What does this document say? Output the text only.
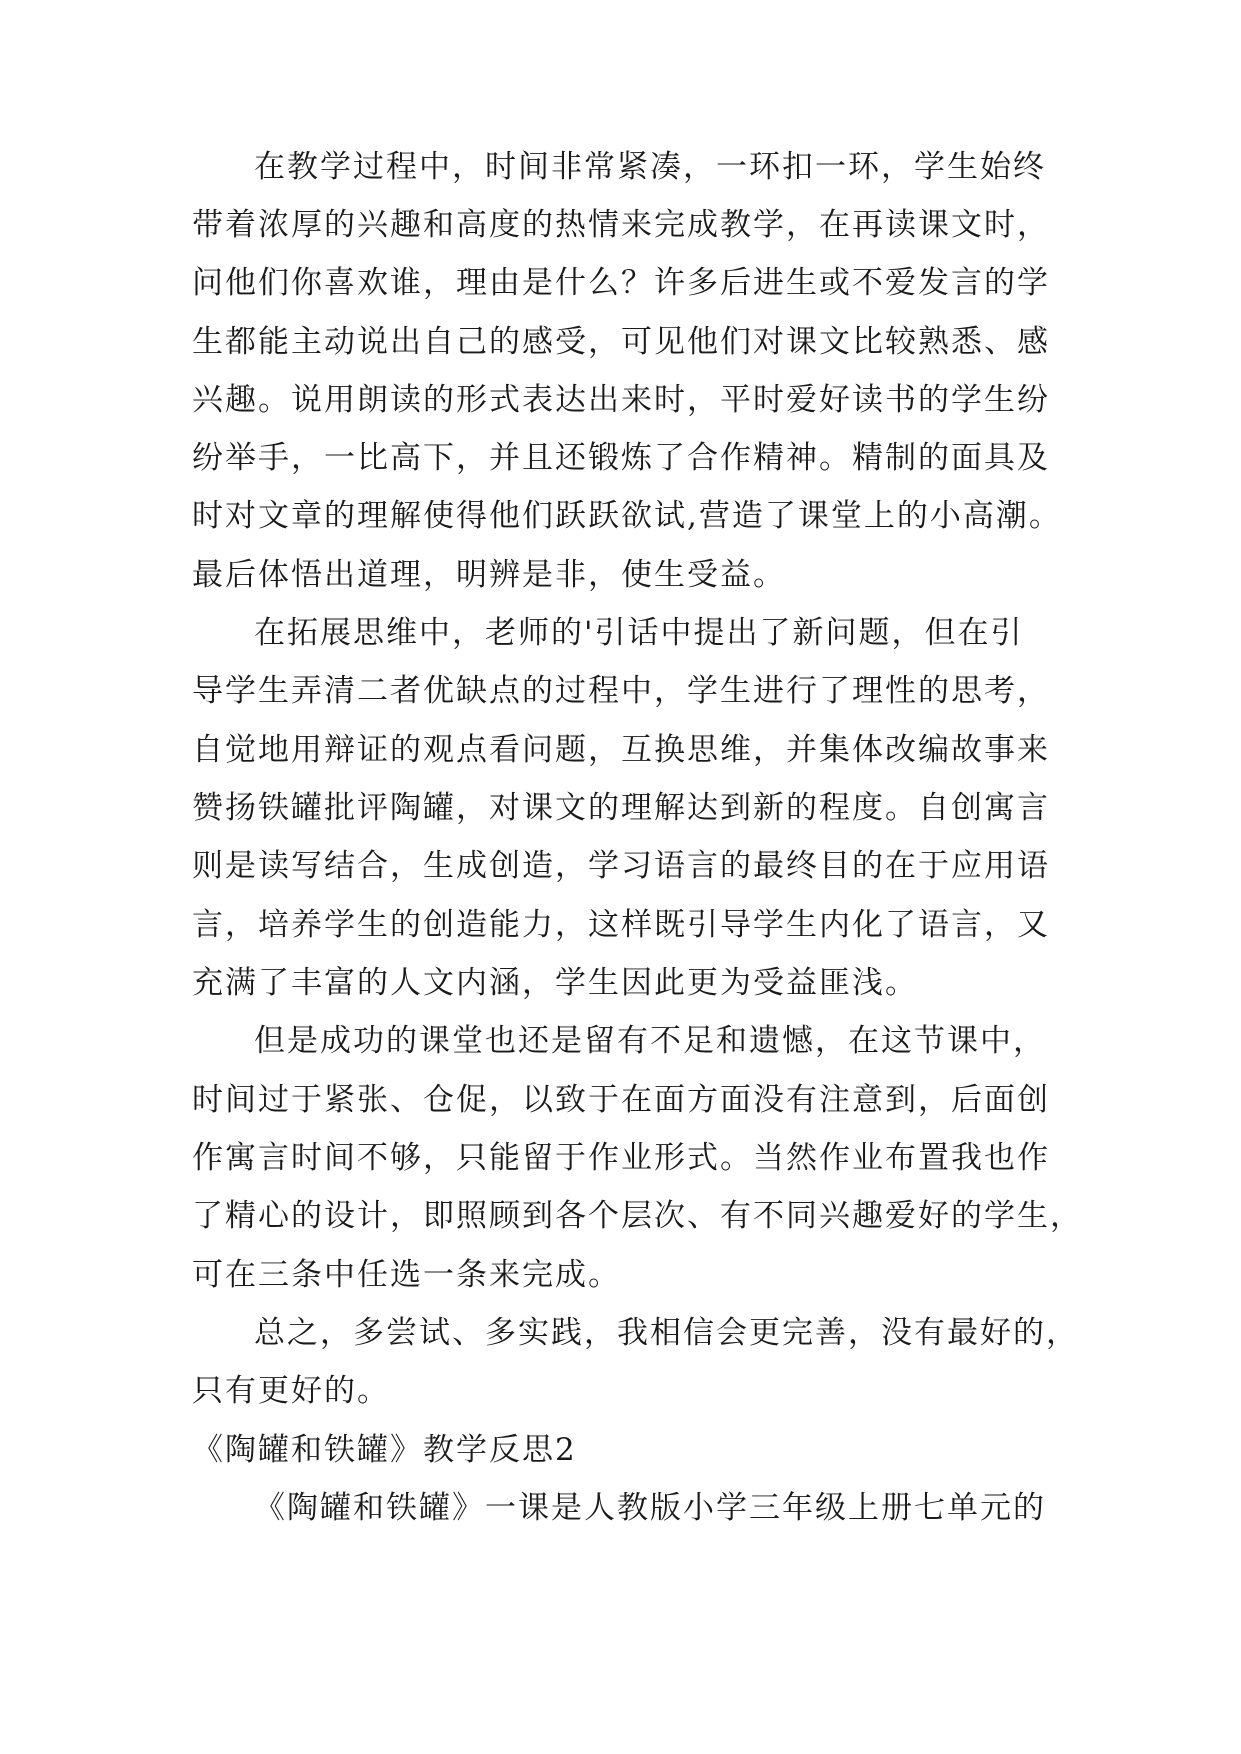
在教学过程中，时间非常紧凑，一环扣一环，学生始终
带着浓厚的兴趣和高度的热情来完成教学，在再读课文时，
问他们你喜欢谁，理由是什么？许多后进生或不爱发言的学
生都能主动说出自己的感受，可见他们对课文比较熟悉、感
兴趣。说用朗读的形式表达出来时，平时爱好读书的学生纷
纷举手，一比高下，并且还锻炼了合作精神。精制的面具及
时对文章的理解使得他们跃跃欲试,营造了课堂上的小高潮。
最后体悟出道理，明辨是非，使生受益。
在拓展思维中，老师的'引话中提出了新问题，但在引
导学生弄清二者优缺点的过程中，学生进行了理性的思考，
自觉地用辩证的观点看问题，互换思维，并集体改编故事来
赞扬铁罐批评陶罐，对课文的理解达到新的程度。自创寓言
则是读写结合，生成创造，学习语言的最终目的在于应用语
言，培养学生的创造能力，这样既引导学生内化了语言，又
充满了丰富的人文内涵，学生因此更为受益匪浅。
但是成功的课堂也还是留有不足和遗憾，在这节课中，
时间过于紧张、仓促，以致于在面方面没有注意到，后面创
作寓言时间不够，只能留于作业形式。当然作业布置我也作
了精心的设计，即照顾到各个层次、有不同兴趣爱好的学生，
可在三条中任选一条来完成。
总之，多尝试、多实践，我相信会更完善，没有最好的，
只有更好的。
《陶罐和铁罐》教学反思2
《陶罐和铁罐》一课是人教版小学三年级上册七单元的
